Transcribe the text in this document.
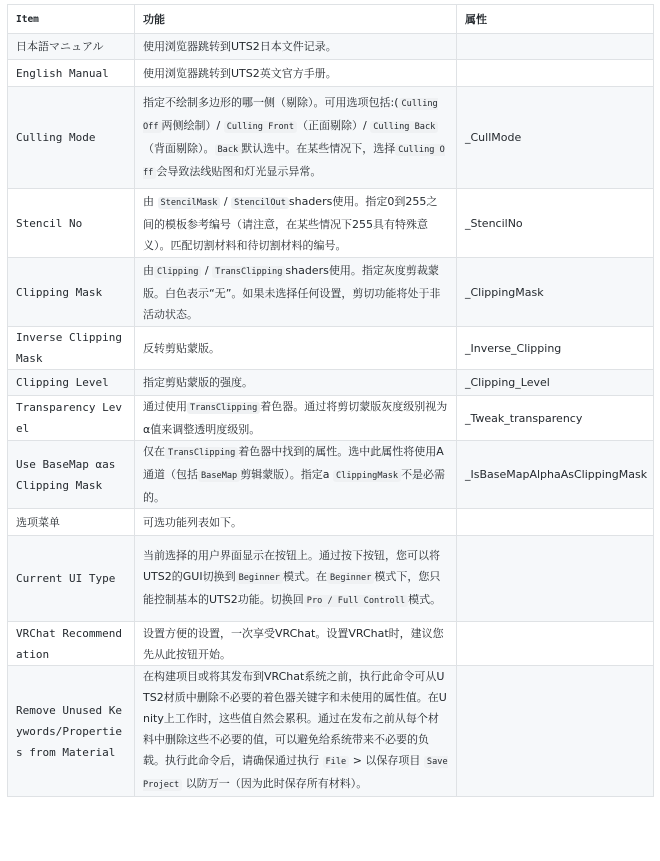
Item	功能	属性
日本語マニュアル	使用浏览器跳转到UTS2日本文件记录。	
English Manual	使用浏览器跳转到UTS2英文官方手册。	
Culling Mode	指定不绘制多边形的哪一侧（剔除）。可用选项包括:( Culling Off 两侧绘制）/ Culling Front （正面剔除）/ Culling Back（背面剔除）。 Back 默认选中。在某些情况下，选择 Culling Off 会导致法线贴图和灯光显示异常。	_CullMode
Stencil No	由 StencilMask / StencilOut shaders使用。指定0到255之间的模板参考编号（请注意，在某些情况下255具有特殊意义）。匹配切割材料和待切割材料的编号。	_StencilNo
Clipping Mask	由 Clipping / TransClipping shaders使用。指定灰度剪裁蒙版。白色表示“无”。如果未选择任何设置，剪切功能将处于非活动状态。	_ClippingMask
Inverse Clipping Mask	反转剪贴蒙版。	_Inverse_Clipping
Clipping Level	指定剪贴蒙版的强度。	_Clipping_Level
Transparency Level	通过使用 TransClipping 着色器。通过将剪切蒙版灰度级别视为α值来调整透明度级别。	_Tweak_transparency
Use BaseMap αas Clipping Mask	仅在 TransClipping 着色器中找到的属性。选中此属性将使用A通道（包括 BaseMap 剪辑蒙版）。指定a ClippingMask 不是必需的。	_IsBaseMapAlphaAsClippingMask
选项菜单	可选功能列表如下。	
Current UI Type	当前选择的用户界面显示在按钮上。通过按下按钮，您可以将UTS2的GUI切换到 Beginner 模式。在 Beginner 模式下，您只能控制基本的UTS2功能。切换回 Pro / Full Controll 模式。	
VRChat Recommendation	设置方便的设置，一次享受VRChat。设置VRChat时，建议您先从此按钮开始。	
Remove Unused Keywords/Properties from Material	在构建项目或将其发布到VRChat系统之前，执行此命令可从UTS2材质中删除不必要的着色器关键字和未使用的属性值。在Unity上工作时，这些值自然会累积。通过在发布之前从每个材料中删除这些不必要的值，可以避免给系统带来不必要的负载。执行此命令后，请确保通过执行 File > 以保存项目 Save Project 以防万一（因为此时保存所有材料）。	
